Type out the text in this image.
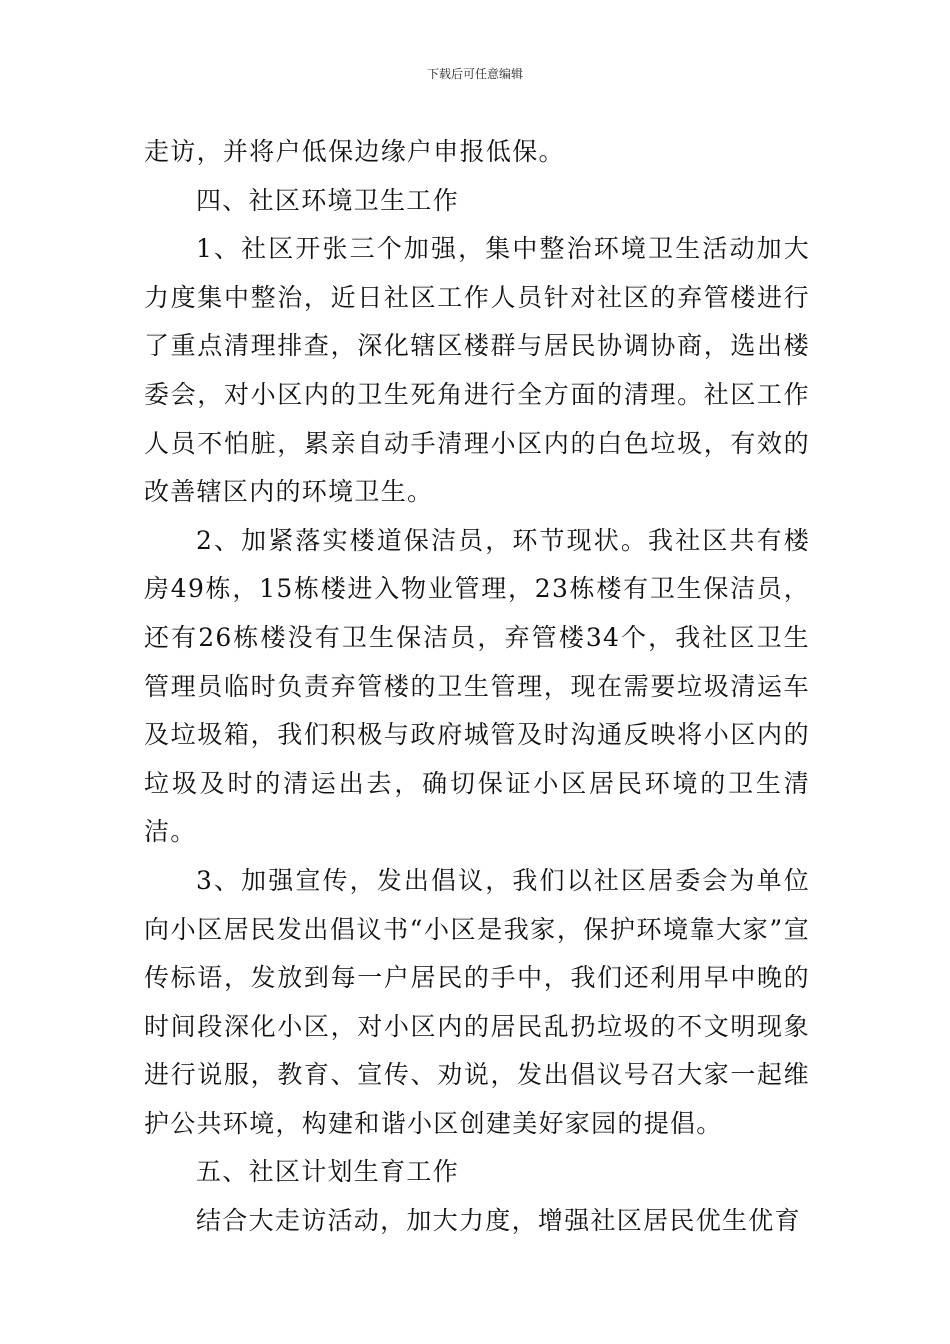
下载后可任意编辑

走访，并将户低保边缘户申报低保。

四、社区环境卫生工作

1、社区开张三个加强，集中整治环境卫生活动加大力度集中整治，近日社区工作人员针对社区的弃管楼进行了重点清理排查，深化辖区楼群与居民协调协商，选出楼委会，对小区内的卫生死角进行全方面的清理。社区工作人员不怕脏，累亲自动手清理小区内的白色垃圾，有效的改善辖区内的环境卫生。

2、加紧落实楼道保洁员，环节现状。我社区共有楼房49栋，15栋楼进入物业管理，23栋楼有卫生保洁员，还有26栋楼没有卫生保洁员，弃管楼34个，我社区卫生管理员临时负责弃管楼的卫生管理，现在需要垃圾清运车及垃圾箱，我们积极与政府城管及时沟通反映将小区内的垃圾及时的清运出去，确切保证小区居民环境的卫生清洁。

3、加强宣传，发出倡议，我们以社区居委会为单位向小区居民发出倡议书“小区是我家，保护环境靠大家”宣传标语，发放到每一户居民的手中，我们还利用早中晚的时间段深化小区，对小区内的居民乱扔垃圾的不文明现象进行说服，教育、宣传、劝说，发出倡议号召大家一起维护公共环境，构建和谐小区创建美好家园的提倡。

五、社区计划生育工作

结合大走访活动，加大力度，增强社区居民优生优育
